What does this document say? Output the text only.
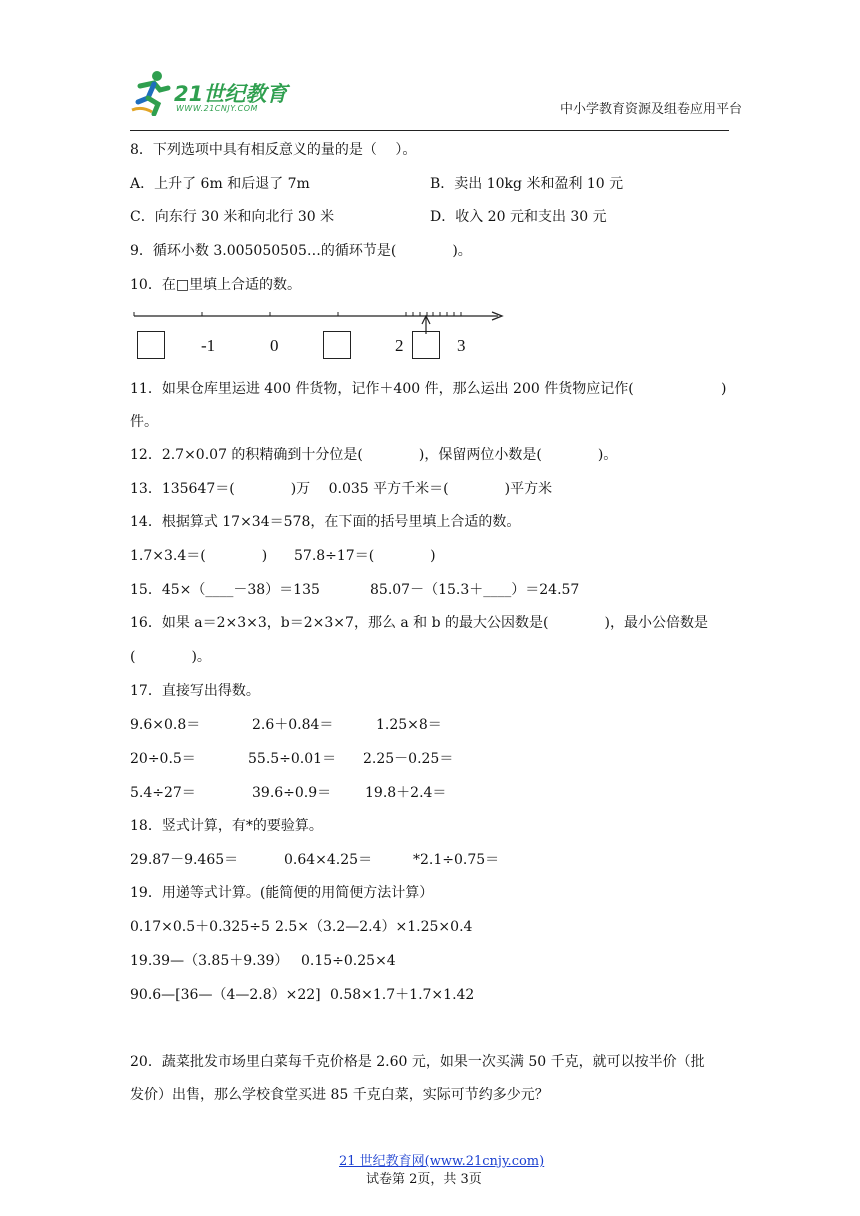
21世纪教育
WWW.21CNJY.COM	中小学教育资源及组卷应用平台
8．下列选项中具有相反意义的量的是（　 ）。
A．上升了 6m 和后退了 7m	B．卖出 10kg 米和盈利 10 元
C．向东行 30 米和向北行 30 米	D．收入 20 元和支出 30 元
9．循环小数 3.005050505…的循环节是(　　　　)。
10．在□里填上合适的数。
-1	0	2	3
11．如果仓库里运进 400 件货物，记作＋400 件，那么运出 200 件货物应记作(	)
件。
12．2.7×0.07 的积精确到十分位是(　　　　)，保留两位小数是(　　　　)。
13．135647＝(　　　　)万　 0.035 平方千米＝(　　　　)平方米
14．根据算式 17×34＝578，在下面的括号里填上合适的数。
1.7×3.4＝(　　　　) 57.8÷17＝(　　　　)
15．45×（____－38）＝135	85.07－（15.3＋____）＝24.57
16．如果 a＝2×3×3，b＝2×3×7，那么 a 和 b 的最大公因数是(　　　　)，最小公倍数是
(　　　　)。
17．直接写出得数。
9.6×0.8＝	2.6＋0.84＝	1.25×8＝
20÷0.5＝	55.5÷0.01＝ 2.25－0.25＝
5.4÷27＝	39.6÷0.9＝ 19.8＋2.4＝
18．竖式计算，有*的要验算。
29.87－9.465＝	0.64×4.25＝	*2.1÷0.75＝
19．用递等式计算。(能简便的用简便方法计算）
0.17×0.5＋0.325÷5 2.5×（3.2—2.4）×1.25×0.4
19.39—（3.85＋9.39） 0.15÷0.25×4
90.6—[36—（4—2.8）×22] 0.58×1.7＋1.7×1.42
20．蔬菜批发市场里白菜每千克价格是 2.60 元，如果一次买满 50 千克，就可以按半价（批
发价）出售，那么学校食堂买进 85 千克白菜，实际可节约多少元？
21 世纪教育网(www.21cnjy.com)
试卷第 2页，共 3页
